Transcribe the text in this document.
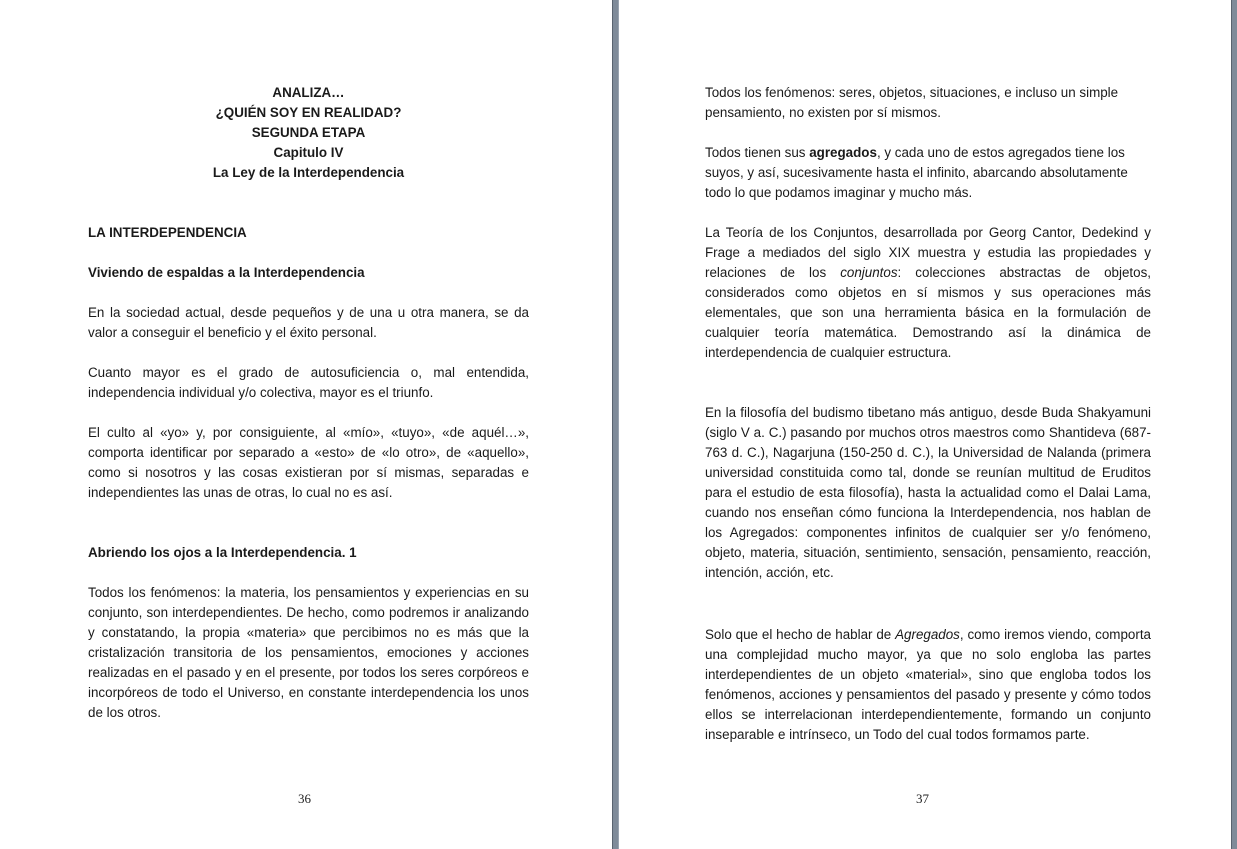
ANALIZA…
¿QUIÉN SOY EN REALIDAD?
SEGUNDA ETAPA
Capitulo IV
La Ley de la Interdependencia

LA INTERDEPENDENCIA

Viviendo de espaldas a la Interdependencia

En la sociedad actual, desde pequeños y de una u otra manera, se da valor a conseguir el beneficio y el éxito personal.

Cuanto mayor es el grado de autosuficiencia o, mal entendida, independencia individual y/o colectiva, mayor es el triunfo.

El culto al «yo» y, por consiguiente, al «mío», «tuyo», «de aquél…», comporta identificar por separado a «esto» de «lo otro», de «aquello», como si nosotros y las cosas existieran por sí mismas, separadas e independientes las unas de otras, lo cual no es así.

Abriendo los ojos a la Interdependencia. 1

Todos los fenómenos: la materia, los pensamientos y experiencias en su conjunto, son interdependientes. De hecho, como podremos ir analizando y constatando, la propia «materia» que percibimos no es más que la cristalización transitoria de los pensamientos, emociones y acciones realizadas en el pasado y en el presente, por todos los seres corpóreos e incorpóreos de todo el Universo, en constante interdependencia los unos de los otros.

36

Todos los fenómenos: seres, objetos, situaciones, e incluso un simple pensamiento, no existen por sí mismos.

Todos tienen sus agregados, y cada uno de estos agregados tiene los suyos, y así, sucesivamente hasta el infinito, abarcando absolutamente todo lo que podamos imaginar y mucho más.

La Teoría de los Conjuntos, desarrollada por Georg Cantor, Dedekind y Frage a mediados del siglo XIX muestra y estudia las propiedades y relaciones de los conjuntos: colecciones abstractas de objetos, considerados como objetos en sí mismos y sus operaciones más elementales, que son una herramienta básica en la formulación de cualquier teoría matemática. Demostrando así la dinámica de interdependencia de cualquier estructura.

En la filosofía del budismo tibetano más antiguo, desde Buda Shakyamuni (siglo V a. C.) pasando por muchos otros maestros como Shantideva (687-763 d. C.), Nagarjuna (150-250 d. C.), la Universidad de Nalanda (primera universidad constituida como tal, donde se reunían multitud de Eruditos para el estudio de esta filosofía), hasta la actualidad como el Dalai Lama, cuando nos enseñan cómo funciona la Interdependencia, nos hablan de los Agregados: componentes infinitos de cualquier ser y/o fenómeno, objeto, materia, situación, sentimiento, sensación, pensamiento, reacción, intención, acción, etc.

Solo que el hecho de hablar de Agregados, como iremos viendo, comporta una complejidad mucho mayor, ya que no solo engloba las partes interdependientes de un objeto «material», sino que engloba todos los fenómenos, acciones y pensamientos del pasado y presente y cómo todos ellos se interrelacionan interdependientemente, formando un conjunto inseparable e intrínseco, un Todo del cual todos formamos parte.

37
